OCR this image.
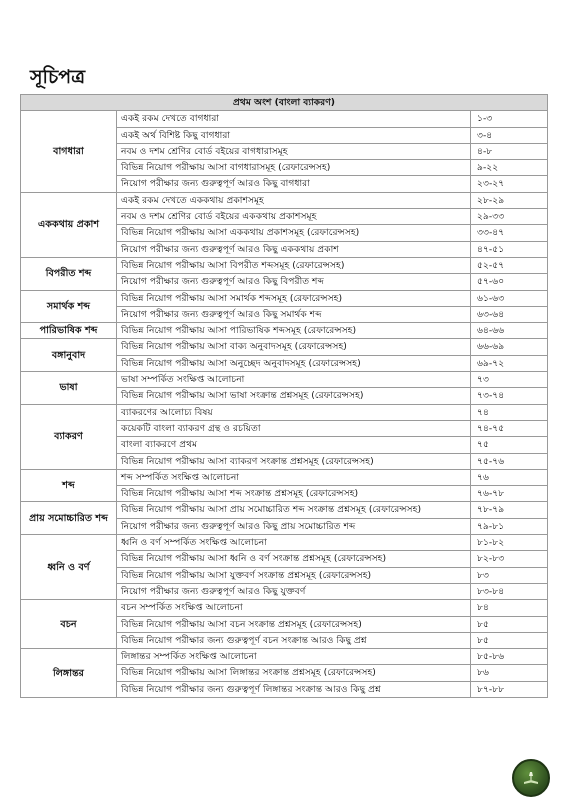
সূচিপত্র
প্রথম অংশ (বাংলা ব্যাকরণ)		
বাগধারা	একই রকম দেখতে বাগধারা	১-৩
	একই অর্থ বিশিষ্ট কিছু বাগধারা	৩-৪
	নবম ও দশম শ্রেণির বোর্ড বইয়ের বাগধারাসমূহ	৪-৮
	বিভিন্ন নিয়োগ পরীক্ষায় আসা বাগধারাসমূহ (রেফারেন্সসহ)	৯-২২
	নিয়োগ পরীক্ষার জন্য গুরুত্বপূর্ণ আরও কিছু বাগধারা	২৩-২৭
এককথায় প্রকাশ	একই রকম দেখতে এককথায় প্রকাশসমূহ	২৮-২৯
	নবম ও দশম শ্রেণির বোর্ড বইয়ের এককথায় প্রকাশসমূহ	২৯-৩৩
	বিভিন্ন নিয়োগ পরীক্ষায় আসা এককথায় প্রকাশসমূহ (রেফারেন্সসহ)	৩৩-৪৭
	নিয়োগ পরীক্ষার জন্য গুরুত্বপূর্ণ আরও কিছু এককথায় প্রকাশ	৪৭-৫১
বিপরীত শব্দ	বিভিন্ন নিয়োগ পরীক্ষায় আসা বিপরীত শব্দসমূহ (রেফারেন্সসহ)	৫২-৫৭
	নিয়োগ পরীক্ষার জন্য গুরুত্বপূর্ণ আরও কিছু বিপরীত শব্দ	৫৭-৬০
সমার্থক শব্দ	বিভিন্ন নিয়োগ পরীক্ষায় আসা সমার্থক শব্দসমূহ (রেফারেন্সসহ)	৬১-৬৩
	নিয়োগ পরীক্ষার জন্য গুরুত্বপূর্ণ আরও কিছু সমার্থক শব্দ	৬৩-৬৪
পারিভাষিক শব্দ	বিভিন্ন নিয়োগ পরীক্ষায় আসা পারিভাষিক শব্দসমূহ (রেফারেন্সসহ)	৬৪-৬৬
বঙ্গানুবাদ	বিভিন্ন নিয়োগ পরীক্ষায় আসা বাক্য অনুবাদসমূহ (রেফারেন্সসহ)	৬৬-৬৯
	বিভিন্ন নিয়োগ পরীক্ষায় আসা অনুচ্ছেদ অনুবাদসমূহ (রেফারেন্সসহ)	৬৯-৭২
ভাষা	ভাষা সম্পর্কিত সংক্ষিপ্ত আলোচনা	৭৩
	বিভিন্ন নিয়োগ পরীক্ষায় আসা ভাষা সংক্রান্ত প্রশ্নসমূহ (রেফারেন্সসহ)	৭৩-৭৪
ব্যাকরণ	ব্যাকরণের আলোচ্য বিষয়	৭৪
	কয়েকটি বাংলা ব্যাকরণ গ্রন্থ ও রচয়িতা	৭৪-৭৫
	বাংলা ব্যাকরণে প্রথম	৭৫
	বিভিন্ন নিয়োগ পরীক্ষায় আসা ব্যাকরণ সংক্রান্ত প্রশ্নসমূহ (রেফারেন্সসহ)	৭৫-৭৬
শব্দ	শব্দ সম্পর্কিত সংক্ষিপ্ত আলোচনা	৭৬
	বিভিন্ন নিয়োগ পরীক্ষায় আসা শব্দ সংক্রান্ত প্রশ্নসমূহ (রেফারেন্সসহ)	৭৬-৭৮
প্রায় সমোচ্চারিত শব্দ	বিভিন্ন নিয়োগ পরীক্ষায় আসা প্রায় সমোচ্চারিত শব্দ সংক্রান্ত প্রশ্নসমূহ (রেফারেন্সসহ)	৭৮-৭৯
	নিয়োগ পরীক্ষার জন্য গুরুত্বপূর্ণ আরও কিছু প্রায় সমোচ্চারিত শব্দ	৭৯-৮১
ধ্বনি ও বর্ণ	ধ্বনি ও বর্ণ সম্পর্কিত সংক্ষিপ্ত আলোচনা	৮১-৮২
	বিভিন্ন নিয়োগ পরীক্ষায় আসা ধ্বনি ও বর্ণ সংক্রান্ত প্রশ্নসমূহ (রেফারেন্সসহ)	৮২-৮৩
	বিভিন্ন নিয়োগ পরীক্ষায় আসা যুক্তবর্ণ সংক্রান্ত প্রশ্নসমূহ (রেফারেন্সসহ)	৮৩
	নিয়োগ পরীক্ষার জন্য গুরুত্বপূর্ণ আরও কিছু যুক্তবর্ণ	৮৩-৮৪
বচন	বচন সম্পর্কিত সংক্ষিপ্ত আলোচনা	৮৪
	বিভিন্ন নিয়োগ পরীক্ষায় আসা বচন সংক্রান্ত প্রশ্নসমূহ (রেফারেন্সসহ)	৮৫
	বিভিন্ন নিয়োগ পরীক্ষার জন্য গুরুত্বপূর্ণ বচন সংক্রান্ত আরও কিছু প্রশ্ন	৮৫
লিঙ্গান্তর	লিঙ্গান্তর সম্পর্কিত সংক্ষিপ্ত আলোচনা	৮৫-৮৬
	বিভিন্ন নিয়োগ পরীক্ষায় আসা লিঙ্গান্তর সংক্রান্ত প্রশ্নসমূহ (রেফারেন্সসহ)	৮৬
	বিভিন্ন নিয়োগ পরীক্ষার জন্য গুরুত্বপূর্ণ লিঙ্গান্তর সংক্রান্ত আরও কিছু প্রশ্ন	৮৭-৮৮
